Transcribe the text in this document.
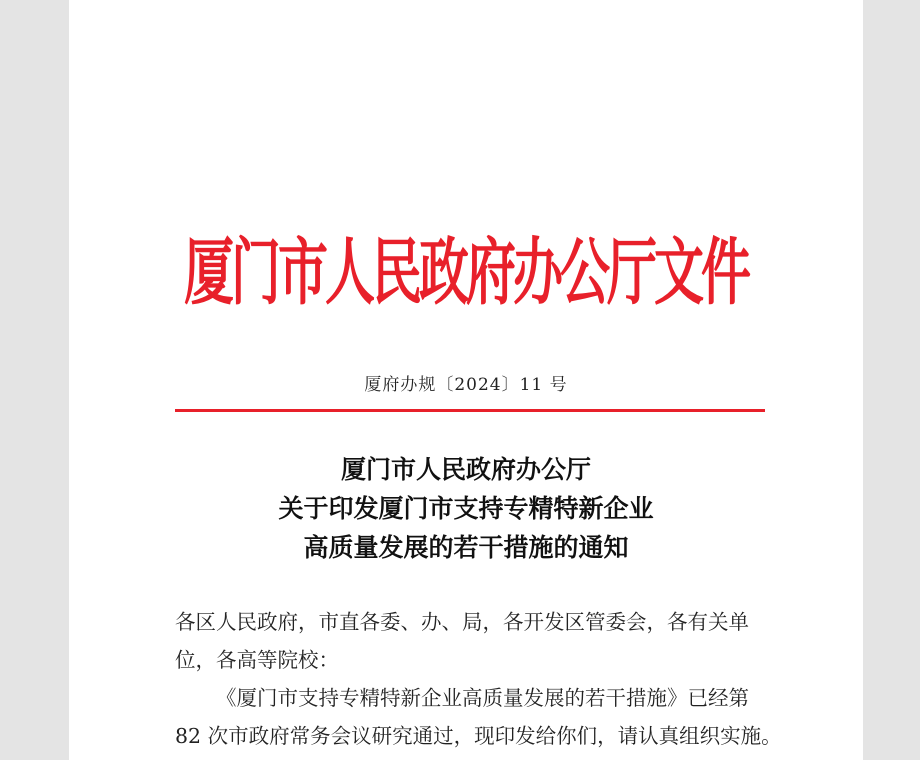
厦门市人民政府办公厅文件
厦府办规〔2024〕11 号
厦门市人民政府办公厅
关于印发厦门市支持专精特新企业
高质量发展的若干措施的通知

各区人民政府，市直各委、办、局，各开发区管委会，各有关单

位，各高等院校：

《厦门市支持专精特新企业高质量发展的若干措施》已经第

82 次市政府常务会议研究通过，现印发给你们，请认真组织实施。
